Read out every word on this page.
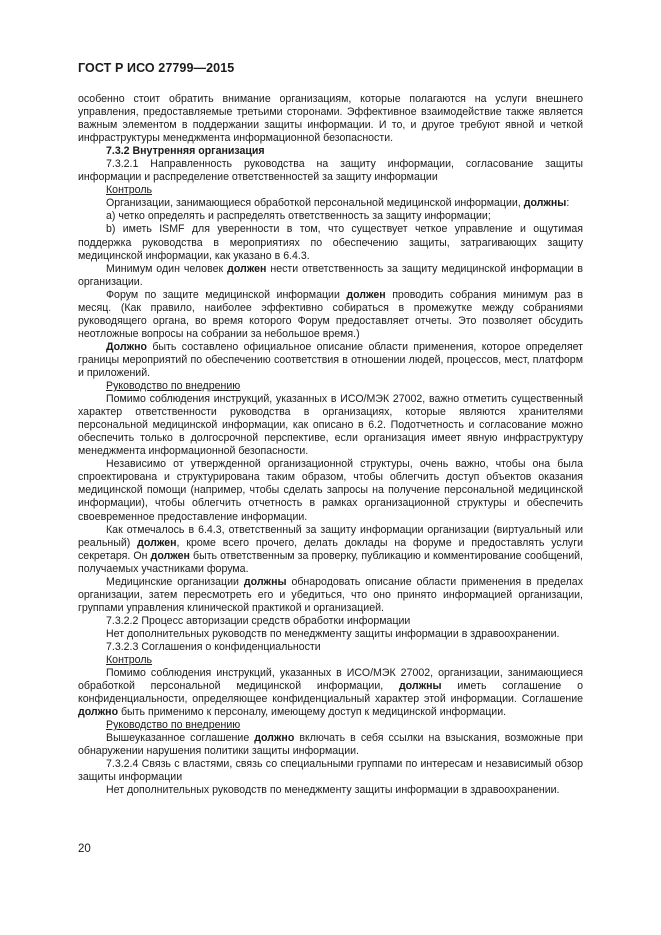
ГОСТ Р ИСО 27799—2015

особенно стоит обратить внимание организациям, которые полагаются на услуги внешнего управления, предоставляемые третьими сторонами. Эффективное взаимодействие также является важным элементом в поддержании защиты информации. И то, и другое требуют явной и четкой инфраструктуры менеджмента информационной безопасности.

7.3.2 Внутренняя организация

7.3.2.1 Направленность руководства на защиту информации, согласование защиты информации и распределение ответственностей за защиту информации

Контроль

Организации, занимающиеся обработкой персональной медицинской информации, должны:

a) четко определять и распределять ответственность за защиту информации;

b) иметь ISMF для уверенности в том, что существует четкое управление и ощутимая поддержка руководства в мероприятиях по обеспечению защиты, затрагивающих защиту медицинской информации, как указано в 6.4.3.

Минимум один человек должен нести ответственность за защиту медицинской информации в организации.

Форум по защите медицинской информации должен проводить собрания минимум раз в месяц. (Как правило, наиболее эффективно собираться в промежутке между собраниями руководящего органа, во время которого Форум предоставляет отчеты. Это позволяет обсудить неотложные вопросы на собрании за небольшое время.)

Должно быть составлено официальное описание области применения, которое определяет границы мероприятий по обеспечению соответствия в отношении людей, процессов, мест, платформ и приложений.

Руководство по внедрению

Помимо соблюдения инструкций, указанных в ИСО/МЭК 27002, важно отметить существенный характер ответственности руководства в организациях, которые являются хранителями персональной медицинской информации, как описано в 6.2. Подотчетность и согласование можно обеспечить только в долгосрочной перспективе, если организация имеет явную инфраструктуру менеджмента информационной безопасности.

Независимо от утвержденной организационной структуры, очень важно, чтобы она была спроектирована и структурирована таким образом, чтобы облегчить доступ объектов оказания медицинской помощи (например, чтобы сделать запросы на получение персональной медицинской информации), чтобы облегчить отчетность в рамках организационной структуры и обеспечить своевременное предоставление информации.

Как отмечалось в 6.4.3, ответственный за защиту информации организации (виртуальный или реальный) должен, кроме всего прочего, делать доклады на форуме и предоставлять услуги секретаря. Он должен быть ответственным за проверку, публикацию и комментирование сообщений, получаемых участниками форума.

Медицинские организации должны обнародовать описание области применения в пределах организации, затем пересмотреть его и убедиться, что оно принято информацией организации, группами управления клинической практикой и организацией.

7.3.2.2 Процесс авторизации средств обработки информации

Нет дополнительных руководств по менеджменту защиты информации в здравоохранении.

7.3.2.3 Соглашения о конфиденциальности

Контроль

Помимо соблюдения инструкций, указанных в ИСО/МЭК 27002, организации, занимающиеся обработкой персональной медицинской информации, должны иметь соглашение о конфиденциальности, определяющее конфиденциальный характер этой информации. Соглашение должно быть применимо к персоналу, имеющему доступ к медицинской информации.

Руководство по внедрению

Вышеуказанное соглашение должно включать в себя ссылки на взыскания, возможные при обнаружении нарушения политики защиты информации.

7.3.2.4 Связь с властями, связь со специальными группами по интересам и независимый обзор защиты информации

Нет дополнительных руководств по менеджменту защиты информации в здравоохранении.

20
